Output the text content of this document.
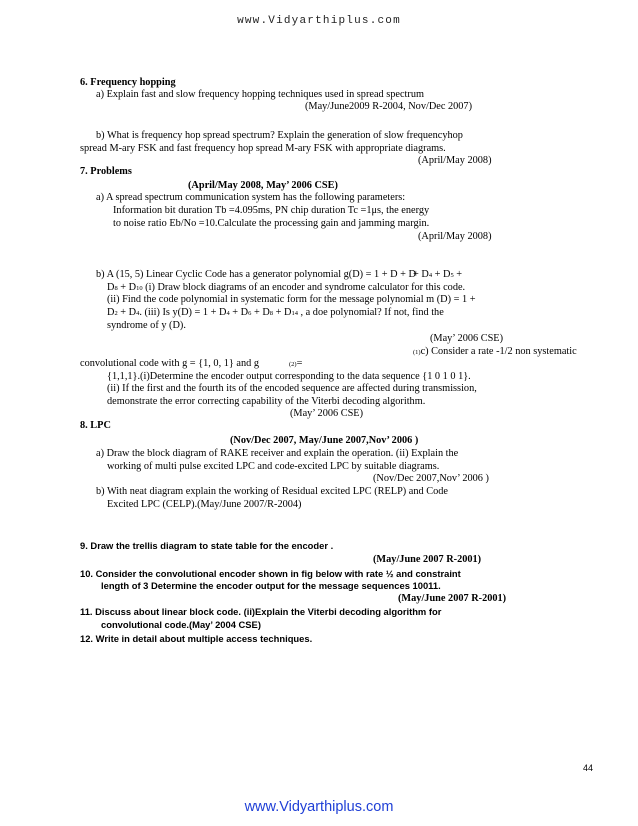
www.Vidyarthiplus.com
6. Frequency hopping
a) Explain fast and slow frequency hopping techniques used in spread spectrum
(May/June2009 R-2004, Nov/Dec 2007)
b) What is frequency hop spread spectrum? Explain the generation of slow frequencyhop
spread M-ary FSK and fast frequency hop spread M-ary FSK with appropriate diagrams.
(April/May 2008)
7. Problems
(April/May 2008, May’ 2006 CSE)
a) A spread spectrum communication system has the following parameters:
Information bit duration Tb =4.095ms, PN chip duration Tc =1μs, the energy
to noise ratio Eb/No =10.Calculate the processing gain and jamming margin.
(April/May 2008)
b) A (15, 5) Linear Cyclic Code has a generator polynomial g(D) = 1 + D + D
(ii) Find the code polynomial in systematic form for the message polynomial m (D) = 1 +
syndrome of y (D).
(May’ 2006 CSE)
convolutional code with g = {1, 0, 1} and g
{1,1,1}.(i)Determine the encoder output corresponding to the data sequence {1 0 1 0 1}.
(ii) If the first and the fourth its of the encoded sequence are affected during transmission,
demonstrate the error correcting capability of the Viterbi decoding algorithm.
(May’ 2006 CSE)
8. LPC
(Nov/Dec 2007, May/June 2007,Nov’ 2006 )
a) Draw the block diagram of RAKE receiver and explain the operation. (ii) Explain the
working of multi pulse excited LPC and code-excited LPC by suitable diagrams.
(Nov/Dec 2007,Nov’ 2006 )
b) With neat diagram explain the working of Residual excited LPC (RELP) and Code
Excited LPC (CELP).(May/June 2007/R-2004)
9. Draw the trellis diagram to state table for the encoder .
(May/June 2007 R-2001)
10. Consider the convolutional encoder shown in fig below with rate ½ and constraint
length of 3 Determine the encoder output for the message sequences 10011.
(May/June 2007 R-2001)
11. Discuss about linear block code. (ii)Explain the Viterbi decoding algorithm for
convolutional code.(May’ 2004 CSE)
12. Write in detail about multiple access techniques.
+ D4 + D5 +
D8 + D10 (i) Draw block diagrams of an encoder and syndrome calculator for this code.
D2 + D4. (iii) Is y(D) = 1 + D4 + D6 + D8 + D14 , a doe polynomial? If not, find the
(1)c) Consider a rate -1/2 non systematic
(2)=
44
www.Vidyarthiplus.com
